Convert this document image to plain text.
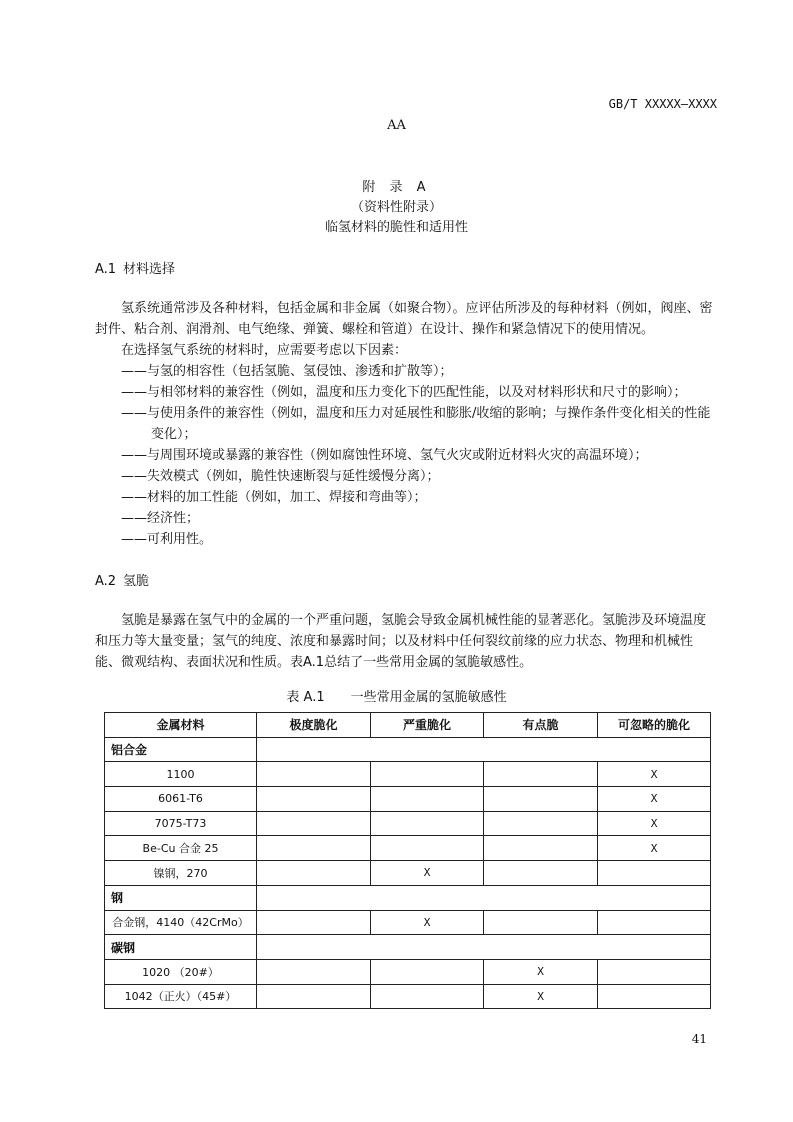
GB/T XXXXX—XXXX
AA
附 录 A
（资料性附录）
临氢材料的脆性和适用性
A.1 材料选择

氢系统通常涉及各种材料，包括金属和非金属（如聚合物）。应评估所涉及的每种材料（例如，阀座、密封件、粘合剂、润滑剂、电气绝缘、弹簧、螺栓和管道）在设计、操作和紧急情况下的使用情况。

在选择氢气系统的材料时，应需要考虑以下因素：

——与氢的相容性（包括氢脆、氢侵蚀、渗透和扩散等）；
——与相邻材料的兼容性（例如，温度和压力变化下的匹配性能，以及对材料形状和尺寸的影响）；
——与使用条件的兼容性（例如，温度和压力对延展性和膨胀/收缩的影响；与操作条件变化相关的性能变化）；
——与周围环境或暴露的兼容性（例如腐蚀性环境、氢气火灾或附近材料火灾的高温环境）；
——失效模式（例如，脆性快速断裂与延性缓慢分离）；
——材料的加工性能（例如，加工、焊接和弯曲等）；
——经济性；
——可利用性。
A.2 氢脆

氢脆是暴露在氢气中的金属的一个严重问题，氢脆会导致金属机械性能的显著恶化。氢脆涉及环境温度和压力等大量变量；氢气的纯度、浓度和暴露时间；以及材料中任何裂纹前缘的应力状态、物理和机械性能、微观结构、表面状况和性质。表A.1总结了一些常用金属的氢脆敏感性。

表 A.1　　一些常用金属的氢脆敏感性
金属材料	极度脆化	严重脆化	有点脆	可忽略的脆化
铝合金				
1100				X
6061-T6				X
7075-T73				X
Be-Cu 合金 25				X
镍钢，270		X		
钢				
合金钢，4140（42CrMo）		X		
碳钢				
1020 （20#）			X	
1042（正火）（45#）			X	
41
